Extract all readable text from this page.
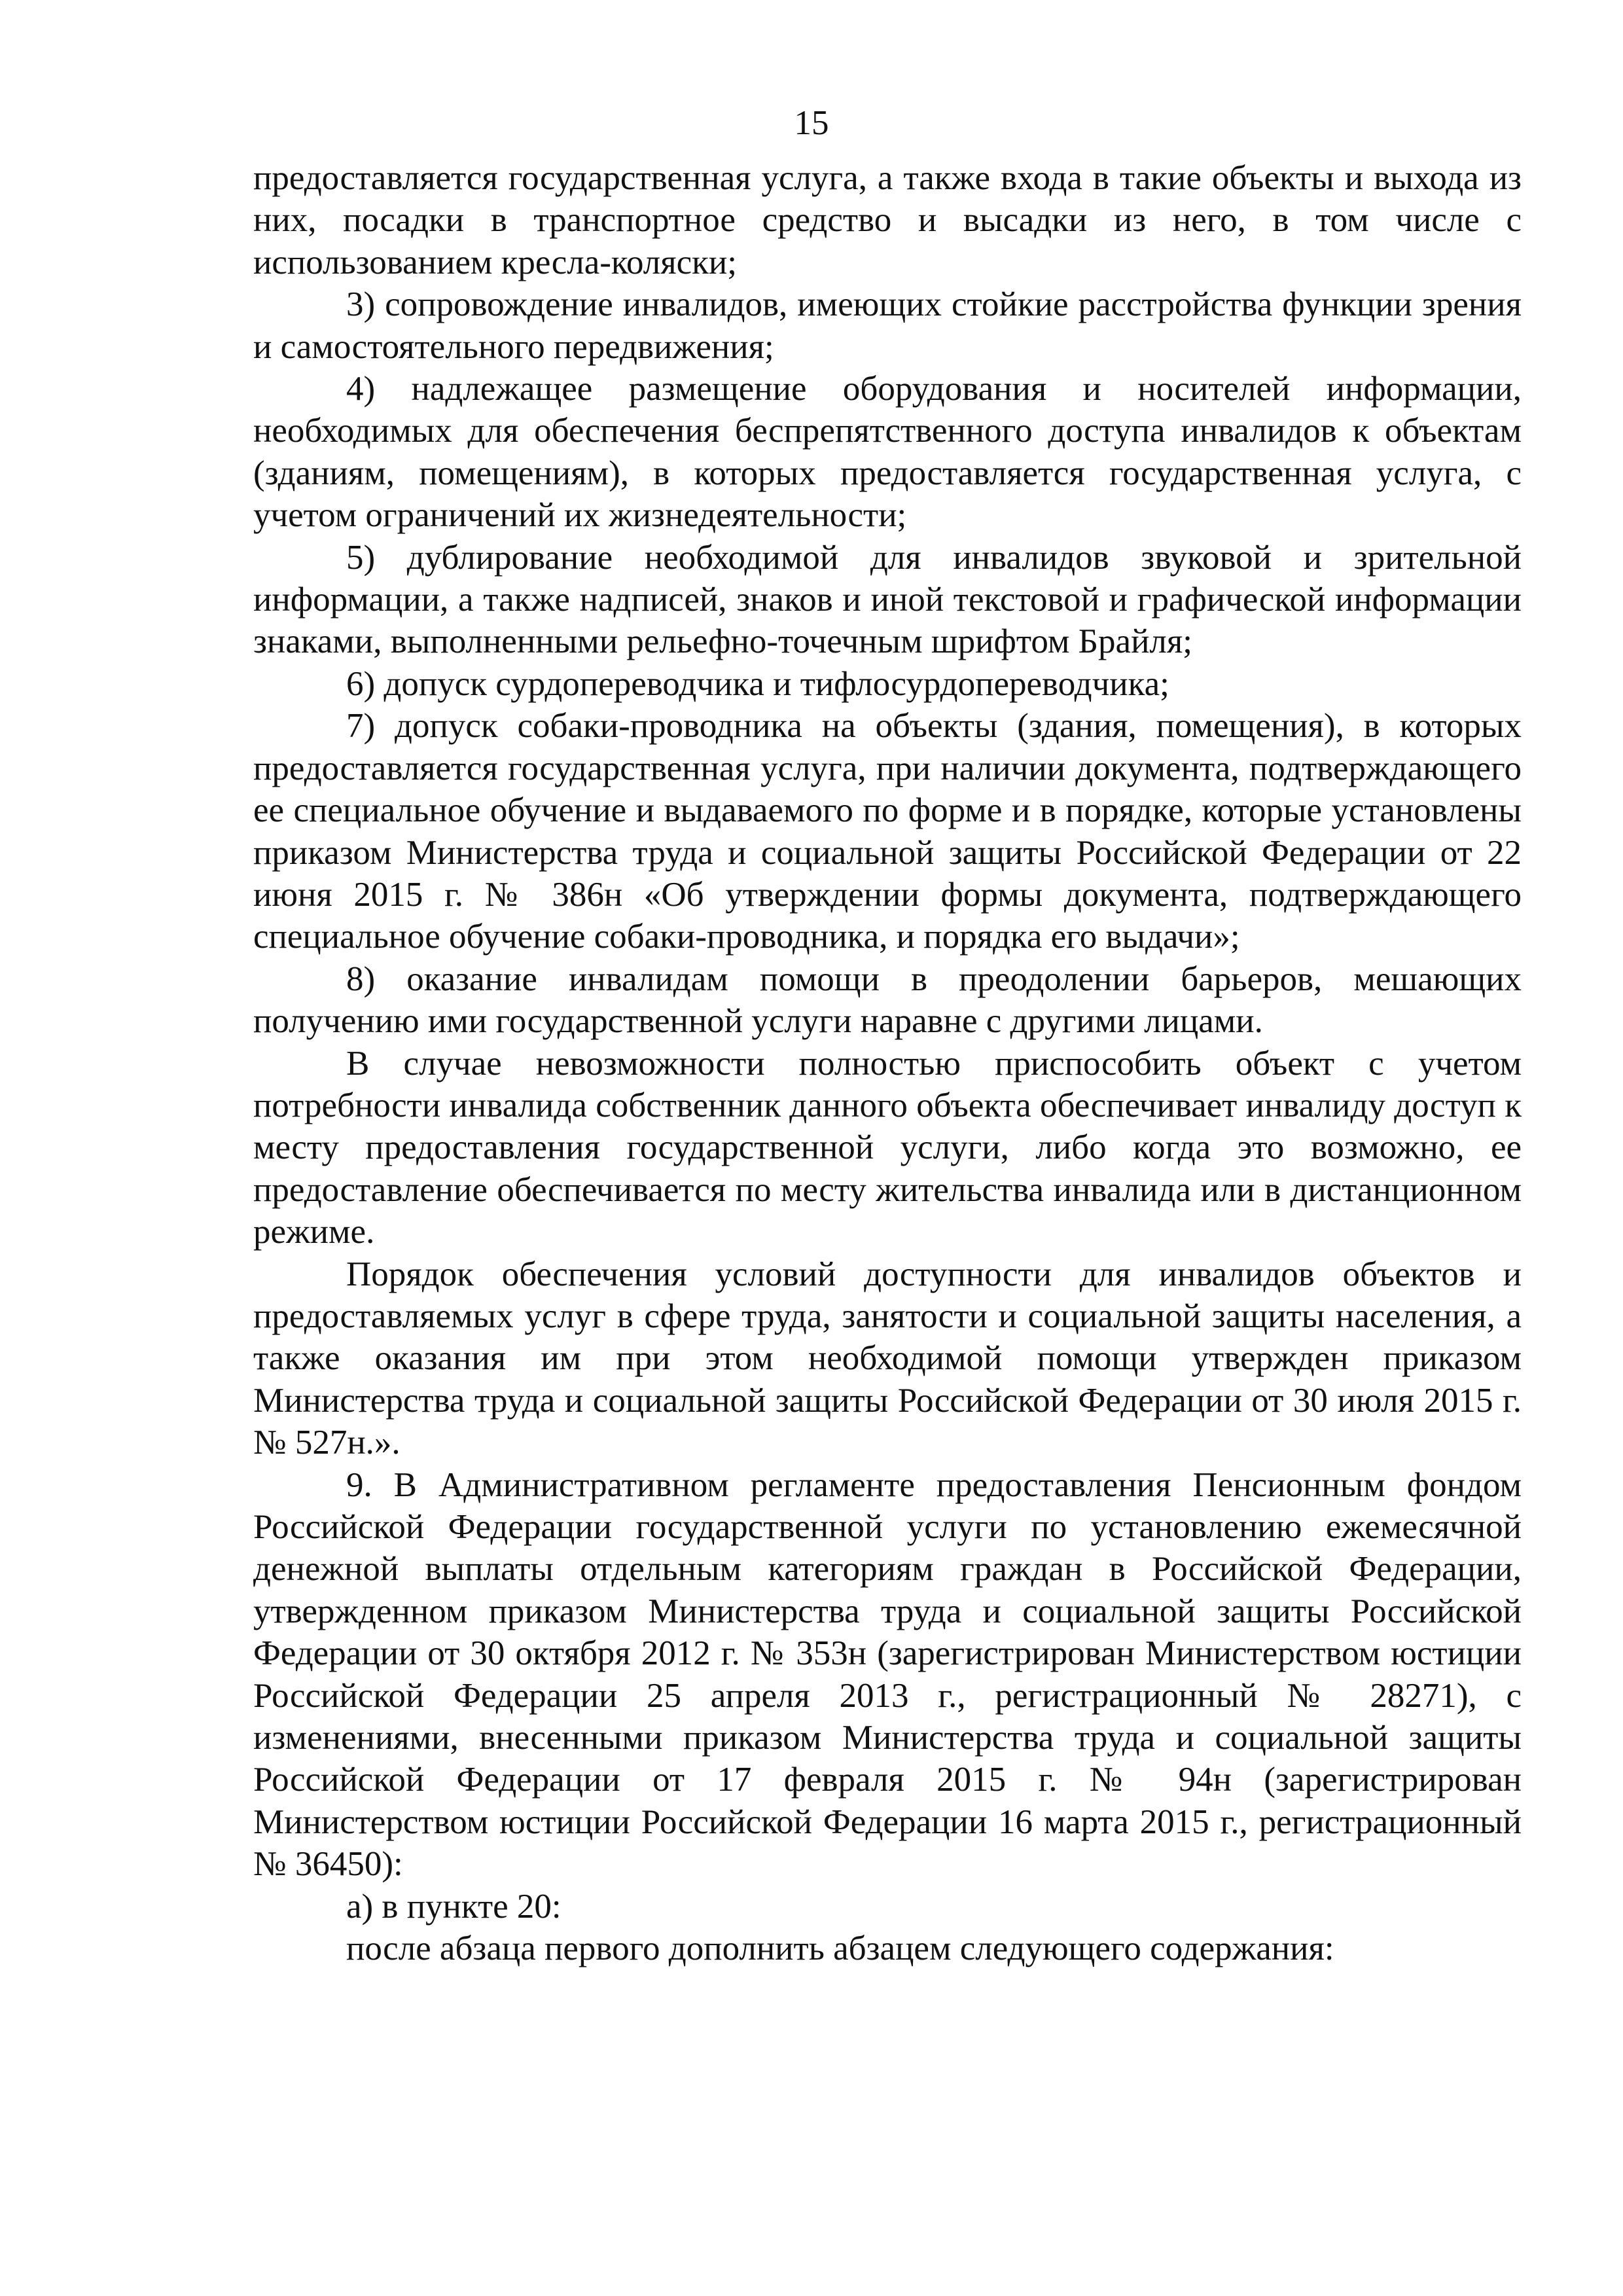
15

предоставляется государственная услуга, а также входа в такие объекты и выхода из них, посадки в транспортное средство и высадки из него, в том числе с использованием кресла-коляски;

3) сопровождение инвалидов, имеющих стойкие расстройства функции зрения и самостоятельного передвижения;

4) надлежащее размещение оборудования и носителей информации, необходимых для обеспечения беспрепятственного доступа инвалидов к объектам (зданиям, помещениям), в которых предоставляется государственная услуга, с учетом ограничений их жизнедеятельности;

5) дублирование необходимой для инвалидов звуковой и зрительной информации, а также надписей, знаков и иной текстовой и графической информации знаками, выполненными рельефно-точечным шрифтом Брайля;

6) допуск сурдопереводчика и тифлосурдопереводчика;

7) допуск собаки-проводника на объекты (здания, помещения), в которых предоставляется государственная услуга, при наличии документа, подтверждающего ее специальное обучение и выдаваемого по форме и в порядке, которые установлены приказом Министерства труда и социальной защиты Российской Федерации от 22 июня 2015 г. № 386н «Об утверждении формы документа, подтверждающего специальное обучение собаки-проводника, и порядка его выдачи»;

8) оказание инвалидам помощи в преодолении барьеров, мешающих получению ими государственной услуги наравне с другими лицами.

В случае невозможности полностью приспособить объект с учетом потребности инвалида собственник данного объекта обеспечивает инвалиду доступ к месту предоставления государственной услуги, либо когда это возможно, ее предоставление обеспечивается по месту жительства инвалида или в дистанционном режиме.

Порядок обеспечения условий доступности для инвалидов объектов и предоставляемых услуг в сфере труда, занятости и социальной защиты населения, а также оказания им при этом необходимой помощи утвержден приказом Министерства труда и социальной защиты Российской Федерации от 30 июля 2015 г. № 527н.».

9. В Административном регламенте предоставления Пенсионным фондом Российской Федерации государственной услуги по установлению ежемесячной денежной выплаты отдельным категориям граждан в Российской Федерации, утвержденном приказом Министерства труда и социальной защиты Российской Федерации от 30 октября 2012 г. № 353н (зарегистрирован Министерством юстиции Российской Федерации 25 апреля 2013 г., регистрационный № 28271), с изменениями, внесенными приказом Министерства труда и социальной защиты Российской Федерации от 17 февраля 2015 г. № 94н (зарегистрирован Министерством юстиции Российской Федерации 16 марта 2015 г., регистрационный № 36450):

а) в пункте 20:

после абзаца первого дополнить абзацем следующего содержания:
